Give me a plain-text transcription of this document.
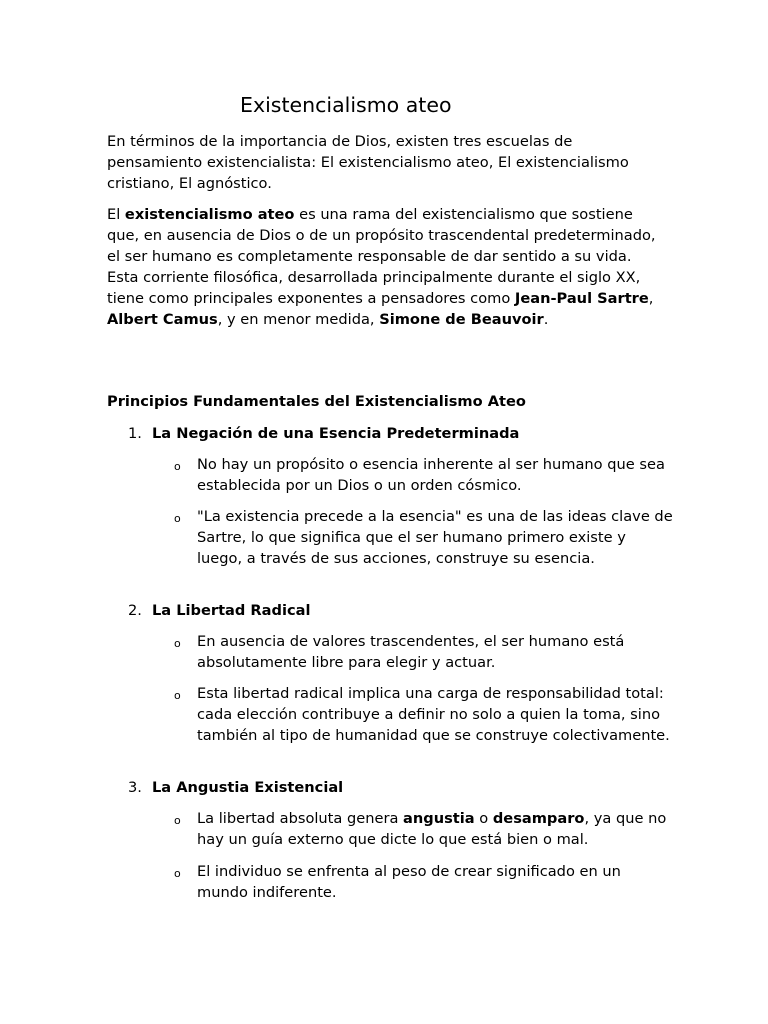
Existencialismo ateo

En términos de la importancia de Dios, existen tres escuelas de pensamiento existencialista: El existencialismo ateo, El existencialismo cristiano, El agnóstico.

El existencialismo ateo es una rama del existencialismo que sostiene que, en ausencia de Dios o de un propósito trascendental predeterminado, el ser humano es completamente responsable de dar sentido a su vida. Esta corriente filosófica, desarrollada principalmente durante el siglo XX, tiene como principales exponentes a pensadores como Jean-Paul Sartre, Albert Camus, y en menor medida, Simone de Beauvoir.

Principios Fundamentales del Existencialismo Ateo
1. La Negación de una Esencia Predeterminada
o No hay un propósito o esencia inherente al ser humano que sea establecida por un Dios o un orden cósmico.

o "La existencia precede a la esencia" es una de las ideas clave de Sartre, lo que significa que el ser humano primero existe y luego, a través de sus acciones, construye su esencia.

2. La Libertad Radical
o En ausencia de valores trascendentes, el ser humano está absolutamente libre para elegir y actuar.

o Esta libertad radical implica una carga de responsabilidad total: cada elección contribuye a definir no solo a quien la toma, sino también al tipo de humanidad que se construye colectivamente.

3. La Angustia Existencial
o La libertad absoluta genera angustia o desamparo, ya que no hay un guía externo que dicte lo que está bien o mal.

o El individuo se enfrenta al peso de crear significado en un mundo indiferente.
